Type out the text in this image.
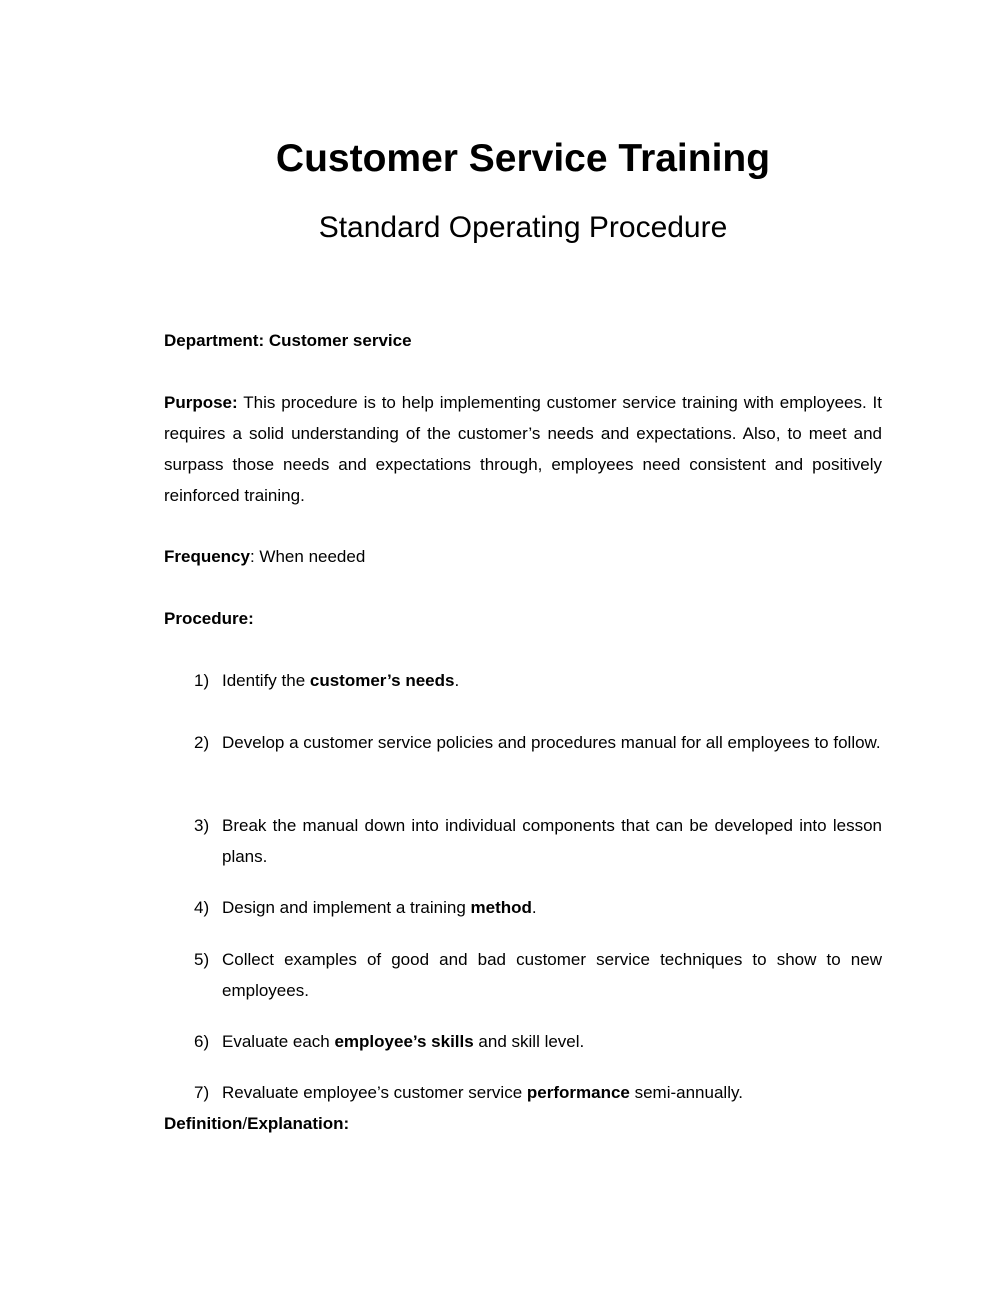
Customer Service Training
Standard Operating Procedure

Department: Customer service

Purpose: This procedure is to help implementing customer service training with employees. It requires a solid understanding of the customer’s needs and expectations. Also, to meet and surpass those needs and expectations through, employees need consistent and positively reinforced training.

Frequency: When needed

Procedure:

1) Identify the customer’s needs.
2) Develop a customer service policies and procedures manual for all employees to follow.
3) Break the manual down into individual components that can be developed into lesson plans.
4) Design and implement a training method.
5) Collect examples of good and bad customer service techniques to show to new employees.
6) Evaluate each employee’s skills and skill level.
7) Revaluate employee’s customer service performance semi-annually.

Definition/Explanation:
